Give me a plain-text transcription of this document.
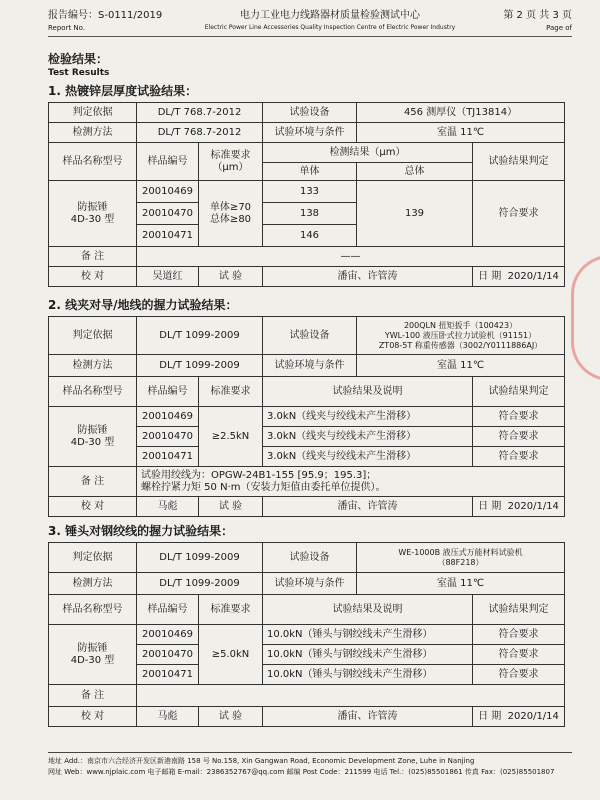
报告编号：S-0111/2019
Report No.
电力工业电力线路器材质量检验测试中心
Electric Power Line Accessories Quality Inspection Centre of Electric Power Industry
第 2 页 共 3 页
Page of
检验结果：
Test Results
1. 热镀锌层厚度试验结果：
判定依据	DL/T 768.7-2012		试验设备	456 测厚仪（TJ13814）	
检测方法	DL/T 768.7-2012		试验环境与条件	室温 11℃	
样品名称型号	样品编号	标准要求（μm）	检测结果（μm）		试验结果判定
			单体	总体	
防振锤
4D-30 型	20010469	单体≥70
总体≥80	133	139	符合要求
	20010470		138		
	20010471		146		
备 注	——				
校 对	吴道红	试 验	潘宙、许管涛		日 期 2020/1/14
2. 线夹对导/地线的握力试验结果：
判定依据	DL/T 1099-2009		试验设备	200QLN 扭矩扳手（100423）
YWL-100 液压卧式拉力试验机（91151）
ZT08-5T 称重传感器（3002/Y0111886AJ）	

检测方法	DL/T 1099-2009		试验环境与条件	室温 11℃	
样品名称型号	样品编号	标准要求	试验结果及说明		试验结果判定
防振锤
4D-30 型	20010469	≥2.5kN	3.0kN（线夹与绞线未产生滑移）		符合要求
	20010470		3.0kN（线夹与绞线未产生滑移）		符合要求
	20010471		3.0kN（线夹与绞线未产生滑移）		符合要求
备 注	试验用绞线为：OPGW-24B1-155 [95.9；195.3]；
螺栓拧紧力矩 50 N·m（安装力矩值由委托单位提供）。				

校 对	马彪	试 验	潘宙、许管涛		日 期 2020/1/14
3. 锤头对钢绞线的握力试验结果：
判定依据	DL/T 1099-2009		试验设备	WE-1000B 液压式万能材料试验机
（88F218）	

检测方法	DL/T 1099-2009		试验环境与条件	室温 11℃	
样品名称型号	样品编号	标准要求	试验结果及说明		试验结果判定
防振锤
4D-30 型	20010469	≥5.0kN	10.0kN（锤头与钢绞线未产生滑移）		符合要求
	20010470		10.0kN（锤头与钢绞线未产生滑移）		符合要求
	20010471		10.0kN（锤头与钢绞线未产生滑移）		符合要求
备 注					
校 对	马彪	试 验	潘宙、许管涛		日 期 2020/1/14
地址 Add.：南京市六合经济开发区新港南路 158 号 No.158, Xin Gangwan Road, Economic Development Zone, Luhe in Nanjing
网址 Web：www.njplaic.com 电子邮箱 E-mail：2386352767@qq.com 邮编 Post Code：211599 电话 Tel.：(025)85501861 传真 Fax：(025)85501807
